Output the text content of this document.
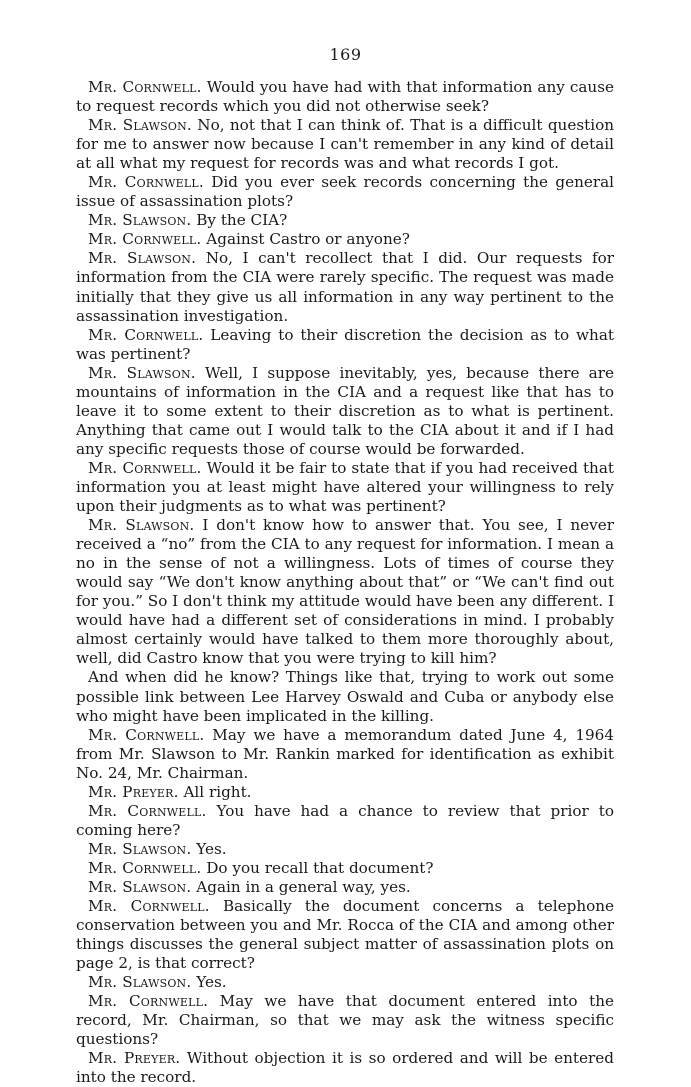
169

Mr. Cornwell. Would you have had with that information any cause to request records which you did not otherwise seek?

Mr. Slawson. No, not that I can think of. That is a difficult question for me to answer now because I can't remember in any kind of detail at all what my request for records was and what records I got.

Mr. Cornwell. Did you ever seek records concerning the general issue of assassination plots?

Mr. Slawson. By the CIA?

Mr. Cornwell. Against Castro or anyone?

Mr. Slawson. No, I can't recollect that I did. Our requests for information from the CIA were rarely specific. The request was made initially that they give us all information in any way pertinent to the assassination investigation.

Mr. Cornwell. Leaving to their discretion the decision as to what was pertinent?

Mr. Slawson. Well, I suppose inevitably, yes, because there are mountains of information in the CIA and a request like that has to leave it to some extent to their discretion as to what is pertinent. Anything that came out I would talk to the CIA about it and if I had any specific requests those of course would be forwarded.

Mr. Cornwell. Would it be fair to state that if you had received that information you at least might have altered your willingness to rely upon their judgments as to what was pertinent?

Mr. Slawson. I don't know how to answer that. You see, I never received a “no” from the CIA to any request for information. I mean a no in the sense of not a willingness. Lots of times of course they would say “We don't know anything about that” or “We can't find out for you.” So I don't think my attitude would have been any different. I would have had a different set of considerations in mind. I probably almost certainly would have talked to them more thoroughly about, well, did Castro know that you were trying to kill him?

And when did he know? Things like that, trying to work out some possible link between Lee Harvey Oswald and Cuba or anybody else who might have been implicated in the killing.

Mr. Cornwell. May we have a memorandum dated June 4, 1964 from Mr. Slawson to Mr. Rankin marked for identification as exhibit No. 24, Mr. Chairman.

Mr. Preyer. All right.

Mr. Cornwell. You have had a chance to review that prior to coming here?

Mr. Slawson. Yes.

Mr. Cornwell. Do you recall that document?

Mr. Slawson. Again in a general way, yes.

Mr. Cornwell. Basically the document concerns a telephone conservation between you and Mr. Rocca of the CIA and among other things discusses the general subject matter of assassination plots on page 2, is that correct?

Mr. Slawson. Yes.

Mr. Cornwell. May we have that document entered into the record, Mr. Chairman, so that we may ask the witness specific questions?

Mr. Preyer. Without objection it is so ordered and will be entered into the record.
